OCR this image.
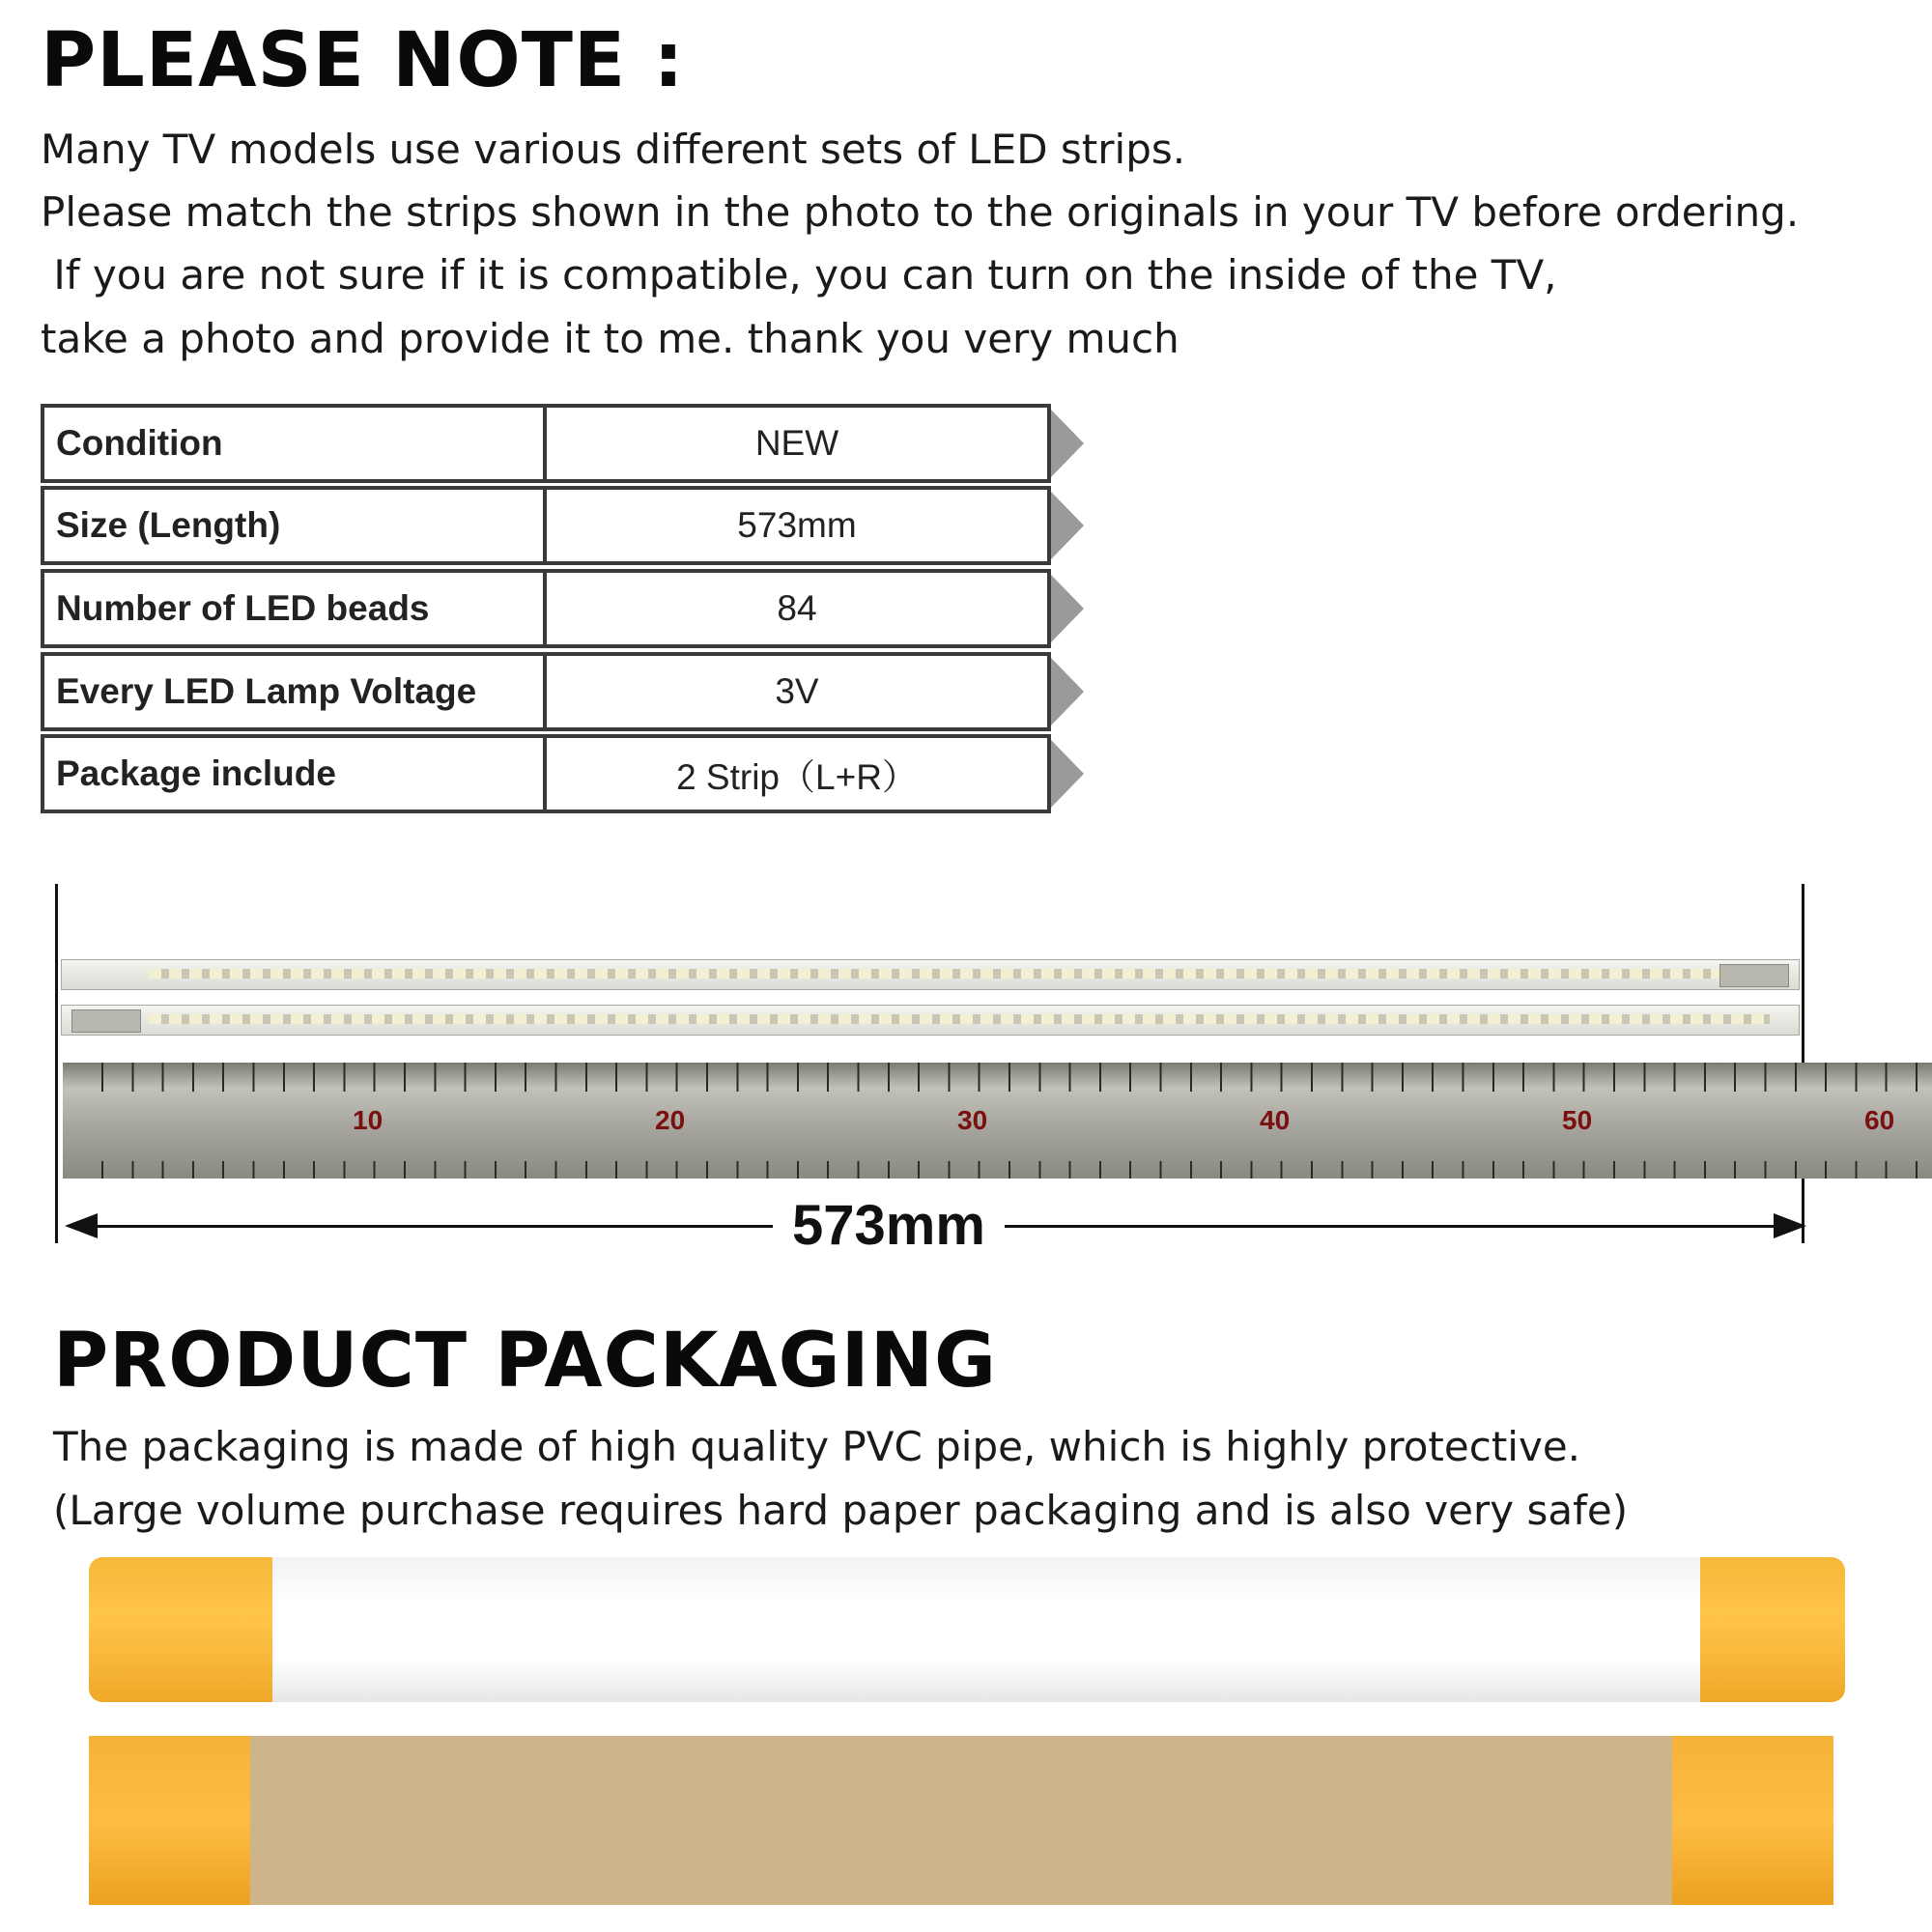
PLEASE NOTE :

Many TV models use various different sets of LED strips.

Please match the strips shown in the photo to the originals in your TV before ordering.

If you are not sure if it is compatible, you can turn on the inside of the TV,

take a photo and provide it to me. thank you very much

Condition	NEW
Size (Length)	573mm
Number of LED beads	84
Every LED Lamp Voltage	3V
Package include	2 Strip（L+R）
10	20	30	40	50	60
573mm
PRODUCT PACKAGING

The packaging is made of high quality PVC pipe, which is highly protective.

(Large volume purchase requires hard paper packaging and is also very safe)
